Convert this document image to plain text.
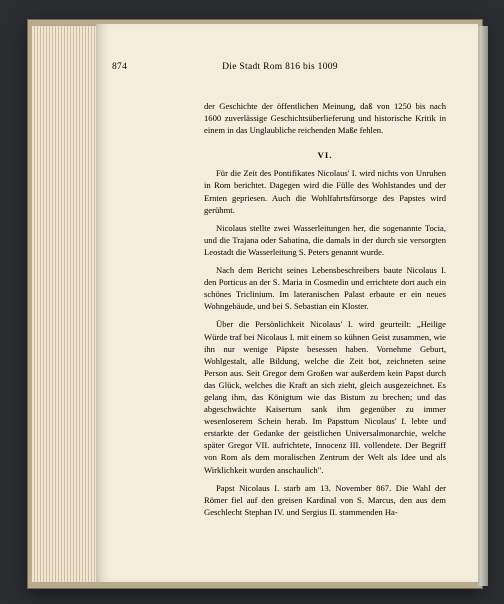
874	Die Stadt Rom 816 bis 1009

der Geschichte der öffentlichen Meinung, daß von 1250 bis nach 1600 zuverlässige Geschichtsüberlieferung und historische Kritik in einem in das Unglaubliche reichenden Maße fehlen.

VI.

Für die Zeit des Pontifikates Nicolaus' I. wird nichts von Unruhen in Rom berichtet. Dagegen wird die Fülle des Wohlstandes und der Ernten gepriesen. Auch die Wohlfahrtsfürsorge des Papstes wird gerühmt.

Nicolaus stellte zwei Wasserleitungen her, die sogenannte Tocia, und die Trajana oder Sabatina, die damals in der durch sie versorgten Leostadt die Wasserleitung S. Peters genannt wurde.

Nach dem Bericht seines Lebensbeschreibers baute Nicolaus I. den Porticus an der S. Maria in Cosmedin und errichtete dort auch ein schönes Triclinium. Im lateranischen Palast erbaute er ein neues Wohngebäude, und bei S. Sebastian ein Kloster.

Über die Persönlichkeit Nicolaus' I. wird geurteilt: „Heilige Würde traf bei Nicolaus I. mit einem so kühnen Geist zusammen, wie ihn nur wenige Päpste besessen haben. Vornehme Geburt, Wohlgestalt, alle Bildung, welche die Zeit bot, zeichneten seine Person aus. Seit Gregor dem Großen war außerdem kein Papst durch das Glück, welches die Kraft an sich zieht, gleich ausgezeichnet. Es gelang ihm, das Königtum wie das Bistum zu brechen; und das abgeschwächte Kaisertum sank ihm gegenüber zu immer wesenloserem Schein herab. Im Papsttum Nicolaus' I. lebte und erstarkte der Gedanke der geistlichen Universalmonarchie, welche später Gregor VII. aufrichtete, Innocenz III. vollendete. Der Begriff von Rom als dem moralischen Zentrum der Welt als Idee und als Wirklichkeit wurden anschaulich".

Papst Nicolaus I. starb am 13. November 867. Die Wahl der Römer fiel auf den greisen Kardinal von S. Marcus, den aus dem Geschlecht Stephan IV. und Sergius II. stammenden Ha-
